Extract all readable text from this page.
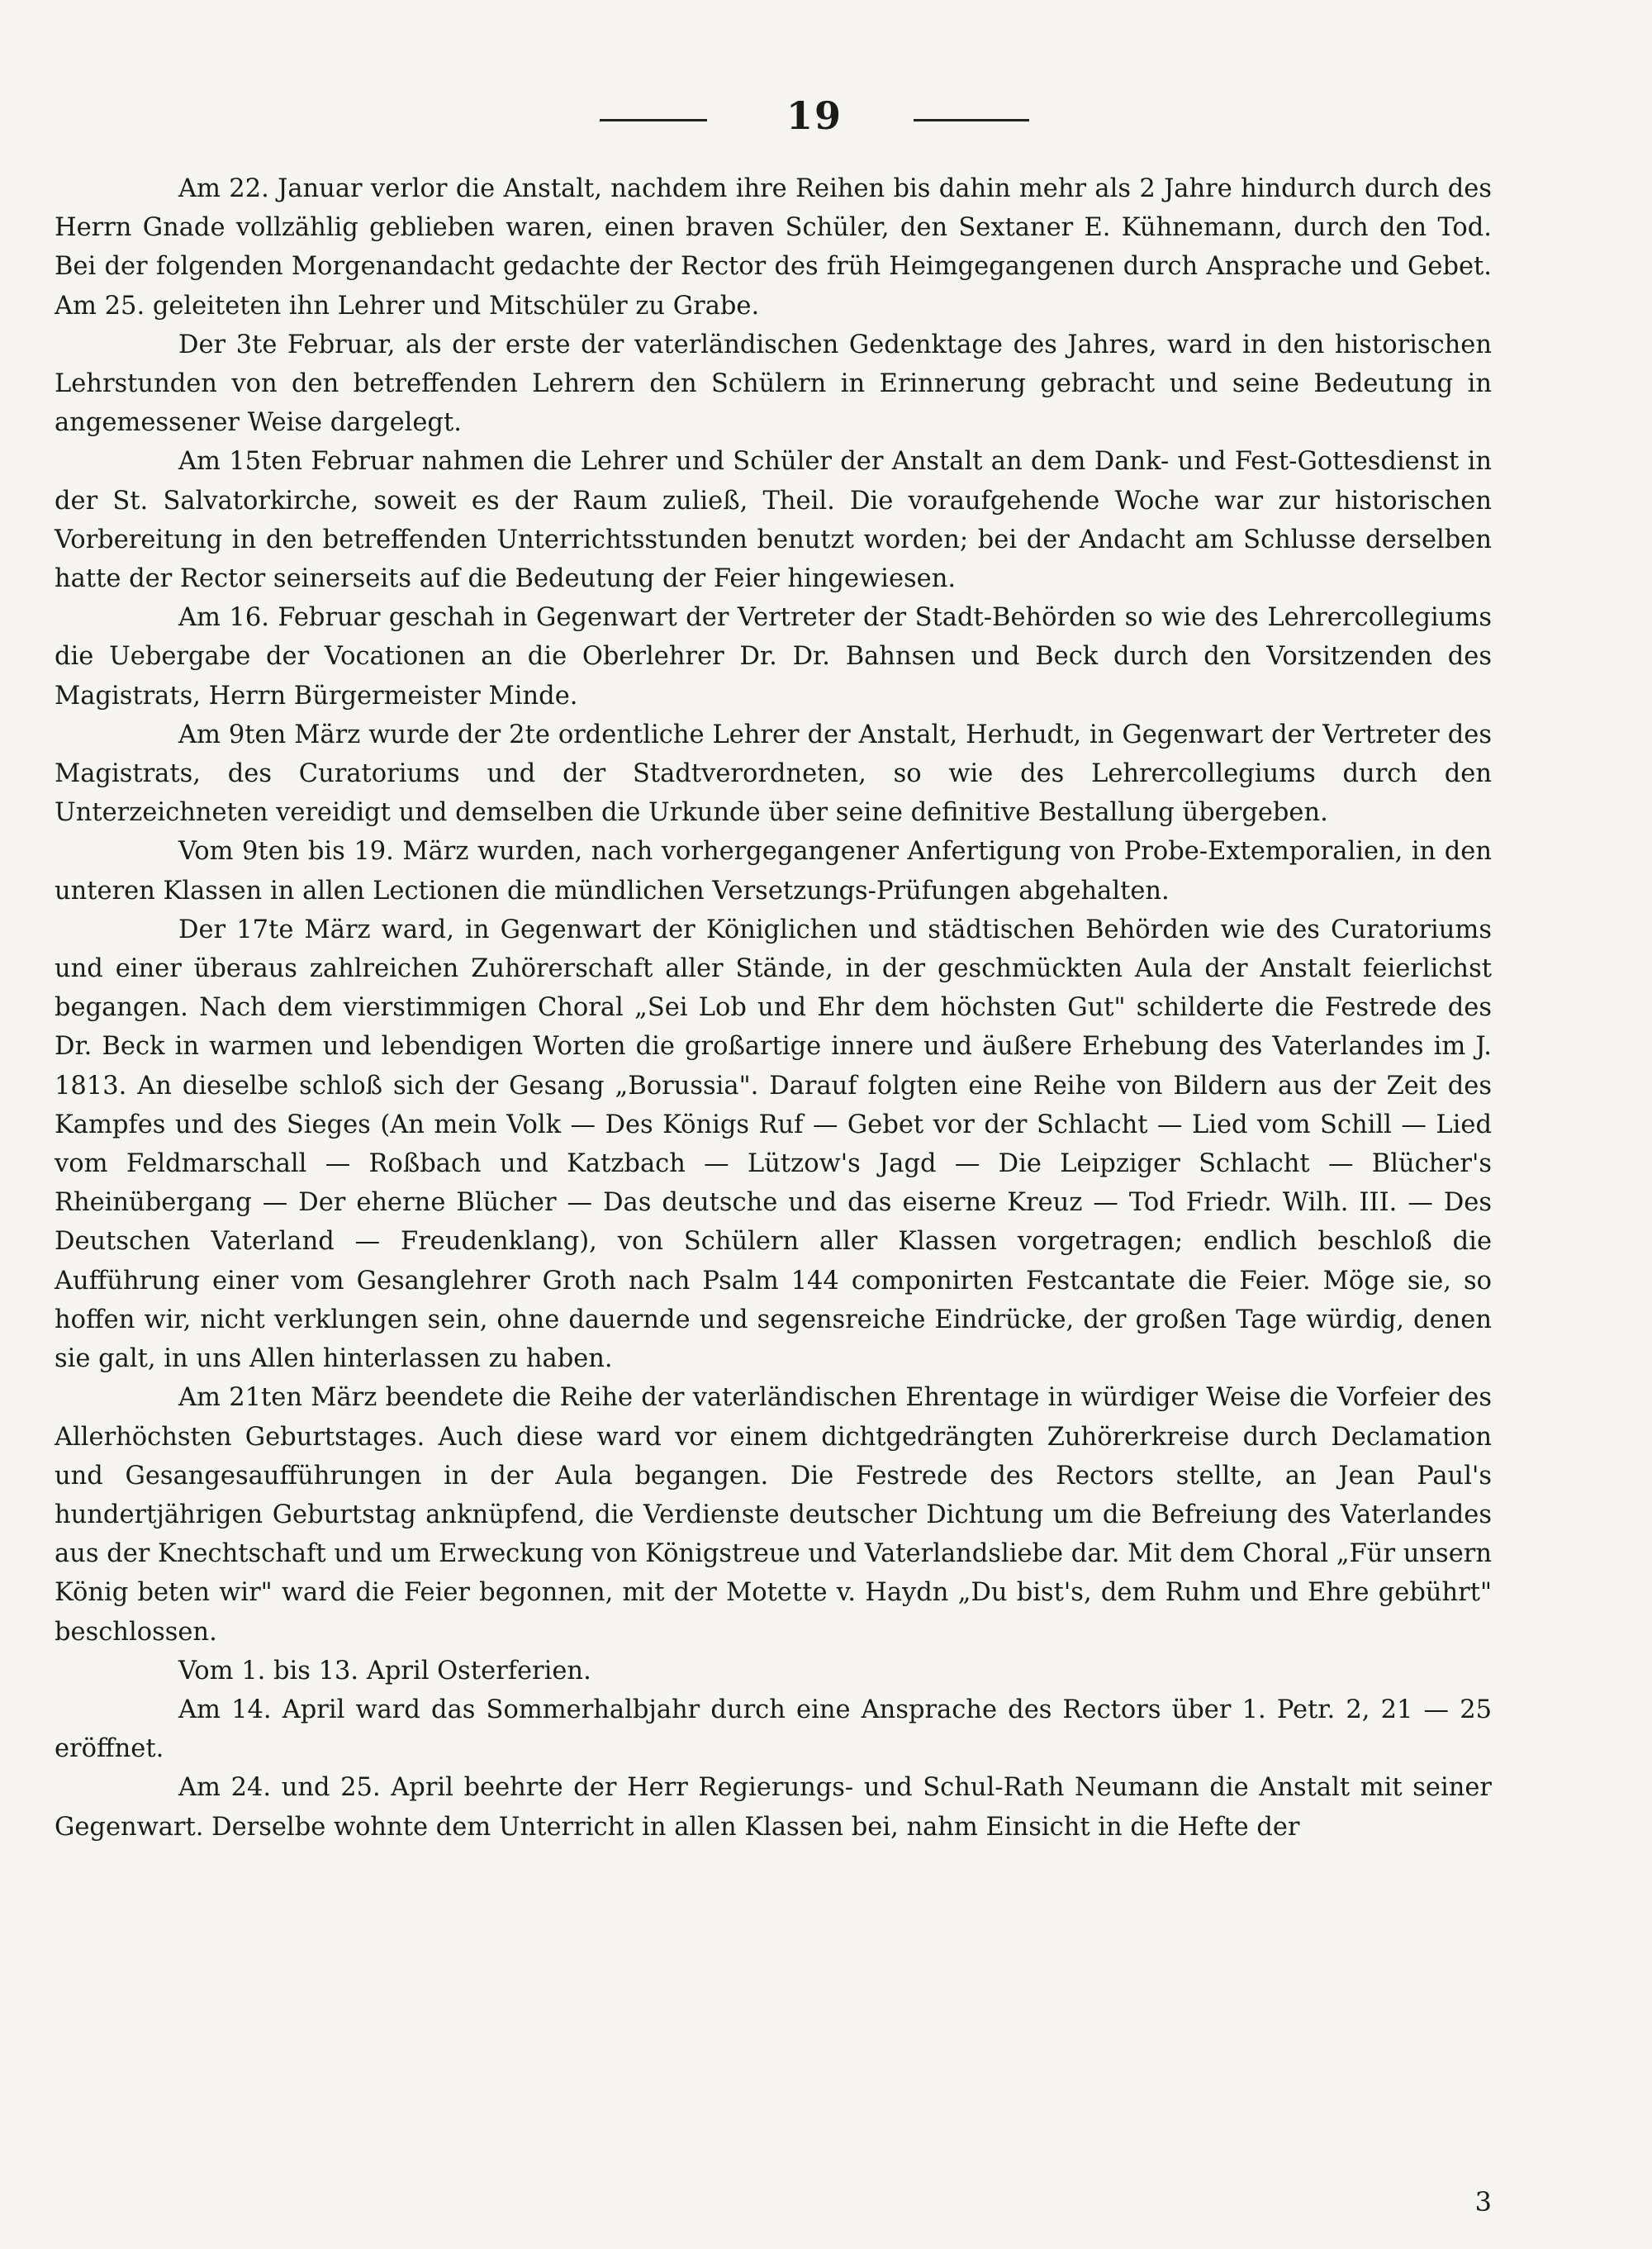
19

Am 22. Januar verlor die Anstalt, nachdem ihre Reihen bis dahin mehr als 2 Jahre hindurch durch des Herrn Gnade vollzählig geblieben waren, einen braven Schüler, den Sextaner E. Kühnemann, durch den Tod. Bei der folgenden Morgenandacht gedachte der Rector des früh Heimgegangenen durch Ansprache und Gebet. Am 25. geleiteten ihn Lehrer und Mitschüler zu Grabe.

Der 3te Februar, als der erste der vaterländischen Gedenktage des Jahres, ward in den historischen Lehrstunden von den betreffenden Lehrern den Schülern in Erinnerung gebracht und seine Bedeutung in angemessener Weise dargelegt.

Am 15ten Februar nahmen die Lehrer und Schüler der Anstalt an dem Dank- und Fest-Gottesdienst in der St. Salvatorkirche, soweit es der Raum zuließ, Theil. Die voraufgehende Woche war zur historischen Vorbereitung in den betreffenden Unterrichtsstunden benutzt worden; bei der Andacht am Schlusse derselben hatte der Rector seinerseits auf die Bedeutung der Feier hingewiesen.

Am 16. Februar geschah in Gegenwart der Vertreter der Stadt-Behörden so wie des Lehrercollegiums die Uebergabe der Vocationen an die Oberlehrer Dr. Dr. Bahnsen und Beck durch den Vorsitzenden des Magistrats, Herrn Bürgermeister Minde.

Am 9ten März wurde der 2te ordentliche Lehrer der Anstalt, Herhudt, in Gegenwart der Vertreter des Magistrats, des Curatoriums und der Stadtverordneten, so wie des Lehrercollegiums durch den Unterzeichneten vereidigt und demselben die Urkunde über seine definitive Bestallung übergeben.

Vom 9ten bis 19. März wurden, nach vorhergegangener Anfertigung von Probe-Extemporalien, in den unteren Klassen in allen Lectionen die mündlichen Versetzungs-Prüfungen abgehalten.

Der 17te März ward, in Gegenwart der Königlichen und städtischen Behörden wie des Curatoriums und einer überaus zahlreichen Zuhörerschaft aller Stände, in der geschmückten Aula der Anstalt feierlichst begangen. Nach dem vierstimmigen Choral „Sei Lob und Ehr dem höchsten Gut" schilderte die Festrede des Dr. Beck in warmen und lebendigen Worten die großartige innere und äußere Erhebung des Vaterlandes im J. 1813. An dieselbe schloß sich der Gesang „Borussia". Darauf folgten eine Reihe von Bildern aus der Zeit des Kampfes und des Sieges (An mein Volk — Des Königs Ruf — Gebet vor der Schlacht — Lied vom Schill — Lied vom Feldmarschall — Roßbach und Katzbach — Lützow's Jagd — Die Leipziger Schlacht — Blücher's Rheinübergang — Der eherne Blücher — Das deutsche und das eiserne Kreuz — Tod Friedr. Wilh. III. — Des Deutschen Vaterland — Freudenklang), von Schülern aller Klassen vorgetragen; endlich beschloß die Aufführung einer vom Gesanglehrer Groth nach Psalm 144 componirten Festcantate die Feier. Möge sie, so hoffen wir, nicht verklungen sein, ohne dauernde und segensreiche Eindrücke, der großen Tage würdig, denen sie galt, in uns Allen hinterlassen zu haben.

Am 21ten März beendete die Reihe der vaterländischen Ehrentage in würdiger Weise die Vorfeier des Allerhöchsten Geburtstages. Auch diese ward vor einem dichtgedrängten Zuhörerkreise durch Declamation und Gesangesaufführungen in der Aula begangen. Die Festrede des Rectors stellte, an Jean Paul's hundertjährigen Geburtstag anknüpfend, die Verdienste deutscher Dichtung um die Befreiung des Vaterlandes aus der Knechtschaft und um Erweckung von Königstreue und Vaterlandsliebe dar. Mit dem Choral „Für unsern König beten wir" ward die Feier begonnen, mit der Motette v. Haydn „Du bist's, dem Ruhm und Ehre gebührt" beschlossen.

Vom 1. bis 13. April Osterferien.

Am 14. April ward das Sommerhalbjahr durch eine Ansprache des Rectors über 1. Petr. 2, 21 — 25 eröffnet.

Am 24. und 25. April beehrte der Herr Regierungs- und Schul-Rath Neumann die Anstalt mit seiner Gegenwart. Derselbe wohnte dem Unterricht in allen Klassen bei, nahm Einsicht in die Hefte der

3
